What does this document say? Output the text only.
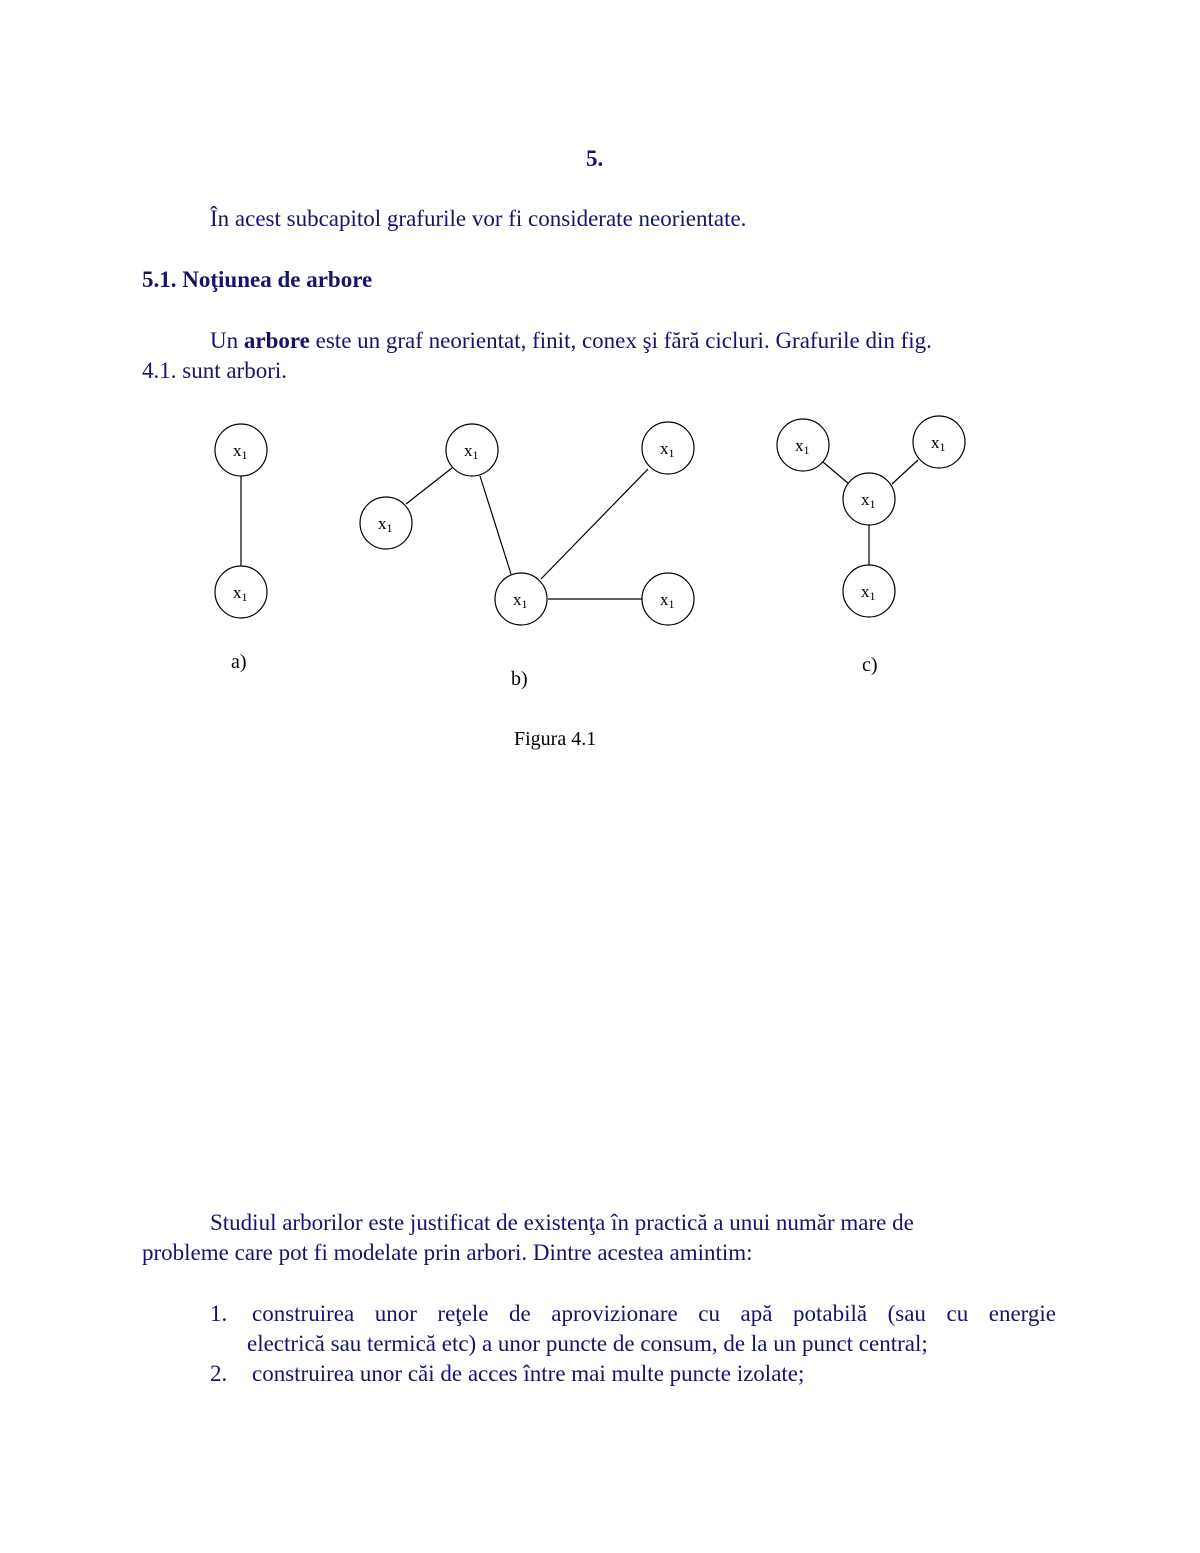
5.
În acest subcapitol grafurile vor fi considerate neorientate.
5.1. Noţiunea de arbore
Un arbore este un graf neorientat, finit, conex şi fără cicluri. Grafurile din fig.
4.1. sunt arbori.
x1
x1
x1
x1
x1
x1
x1
x1	x1
x1
x1
a)
b)
c)
Figura 4.1
Studiul arborilor este justificat de existenţa în practică a unui număr mare de
probleme care pot fi modelate prin arbori. Dintre acestea amintim:
1. construirea unor reţele de aprovizionare cu apă potabilă (sau cu energie
electrică sau termică etc) a unor puncte de consum, de la un punct central;
2. construirea unor căi de acces între mai multe puncte izolate;
